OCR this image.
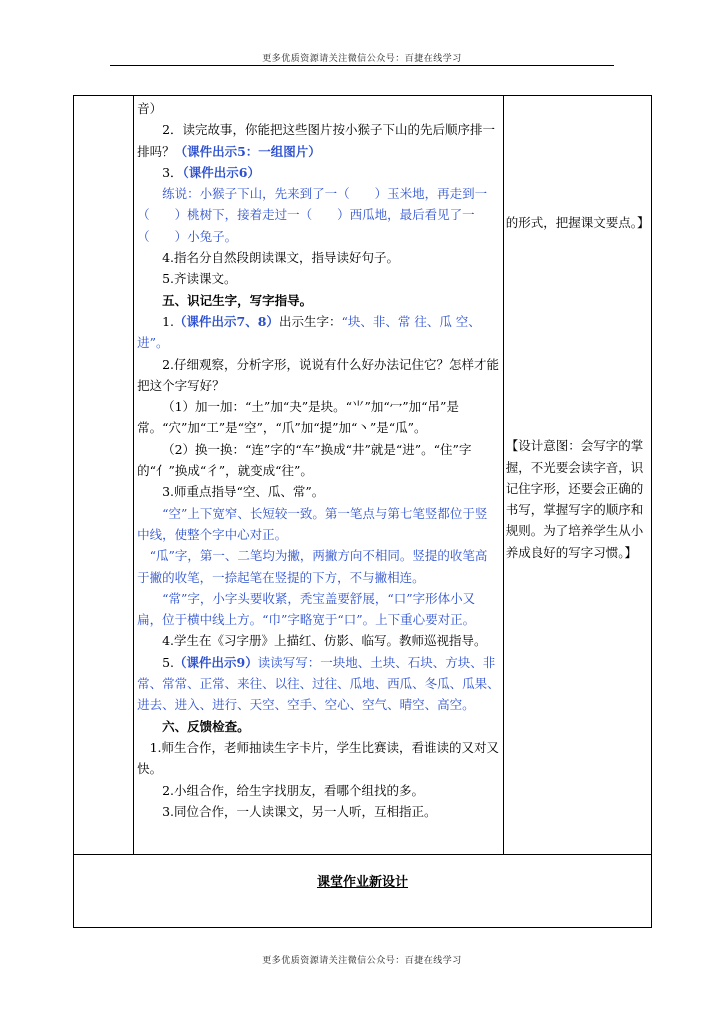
更多优质资源请关注微信公众号：百捷在线学习

音）

2．读完故事，你能把这些图片按小猴子下山的先后顺序排一排吗？（课件出示5：一组图片）

3．（课件出示6）

练说：小猴子下山，先来到了一（　　）玉米地，再走到一（　　）桃树下，接着走过一（　　）西瓜地，最后看见了一（　　）小兔子。

4.指名分自然段朗读课文，指导读好句子。

5.齐读课文。

五、识记生字，写字指导。

1.（课件出示7、8）出示生字：“块、非、常 往、瓜 空、进”。

2.仔细观察，分析字形，说说有什么好办法记住它？怎样才能把这个字写好？

（1）加一加：“土”加“夬”是块。“⺌”加“冖”加“吊”是常。“穴”加“工”是“空”，“爪”加“提”加“丶”是“瓜”。

（2）换一换：“连”字的“车”换成“井”就是“进”。“住”字的“亻”换成“彳”，就变成“往”。

3.师重点指导“空、瓜、常”。

“空”上下宽窄、长短较一致。第一笔点与第七笔竖都位于竖中线，使整个字中心对正。

“瓜”字，第一、二笔均为撇，两撇方向不相同。竖提的收笔高于撇的收笔，一捺起笔在竖提的下方，不与撇相连。

“常”字，小字头要收紧，秃宝盖要舒展，“口”字形体小又扁，位于横中线上方。“巾”字略宽于“口”。上下重心要对正。

4.学生在《习字册》上描红、仿影、临写。教师巡视指导。

5.（课件出示9）读读写写：一块地、土块、石块、方块、非常、常常、正常、来往、以往、过往、瓜地、西瓜、冬瓜、瓜果、进去、进入、进行、天空、空手、空心、空气、晴空、高空。

六、反馈检查。

1.师生合作，老师抽读生字卡片，学生比赛读，看谁读的又对又快。

2.小组合作，给生字找朋友，看哪个组找的多。

3.同位合作，一人读课文，另一人听，互相指正。

的形式，把握课文要点。】

【设计意图：会写字的掌握，不光要会读字音，识记住字形，还要会正确的书写，掌握写字的顺序和规则。为了培养学生从小养成良好的写字习惯。】

课堂作业新设计
更多优质资源请关注微信公众号：百捷在线学习
